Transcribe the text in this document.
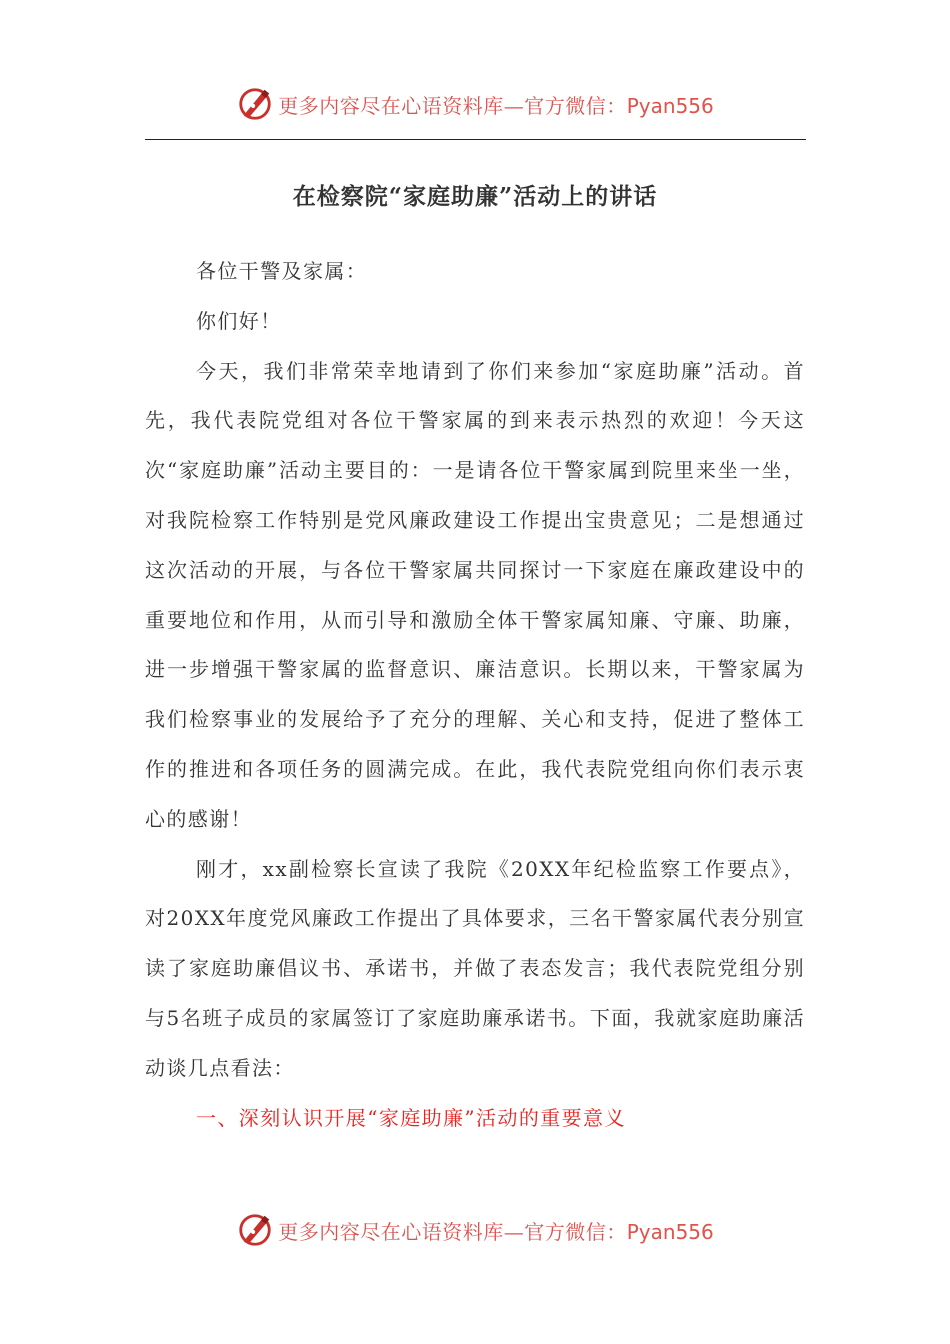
更多内容尽在心语资料库—官方微信：Pyan556
在检察院“家庭助廉”活动上的讲话

各位干警及家属：

你们好！

今天，我们非常荣幸地请到了你们来参加“家庭助廉”活动。首先，我代表院党组对各位干警家属的到来表示热烈的欢迎！今天这次“家庭助廉”活动主要目的：一是请各位干警家属到院里来坐一坐，对我院检察工作特别是党风廉政建设工作提出宝贵意见；二是想通过这次活动的开展，与各位干警家属共同探讨一下家庭在廉政建设中的重要地位和作用，从而引导和激励全体干警家属知廉、守廉、助廉，进一步增强干警家属的监督意识、廉洁意识。长期以来，干警家属为我们检察事业的发展给予了充分的理解、关心和支持，促进了整体工作的推进和各项任务的圆满完成。在此，我代表院党组向你们表示衷心的感谢！

刚才，xx副检察长宣读了我院《20XX年纪检监察工作要点》，对20XX年度党风廉政工作提出了具体要求，三名干警家属代表分别宣读了家庭助廉倡议书、承诺书，并做了表态发言；我代表院党组分别与5名班子成员的家属签订了家庭助廉承诺书。下面，我就家庭助廉活动谈几点看法：

一、深刻认识开展“家庭助廉”活动的重要意义

更多内容尽在心语资料库—官方微信：Pyan556
